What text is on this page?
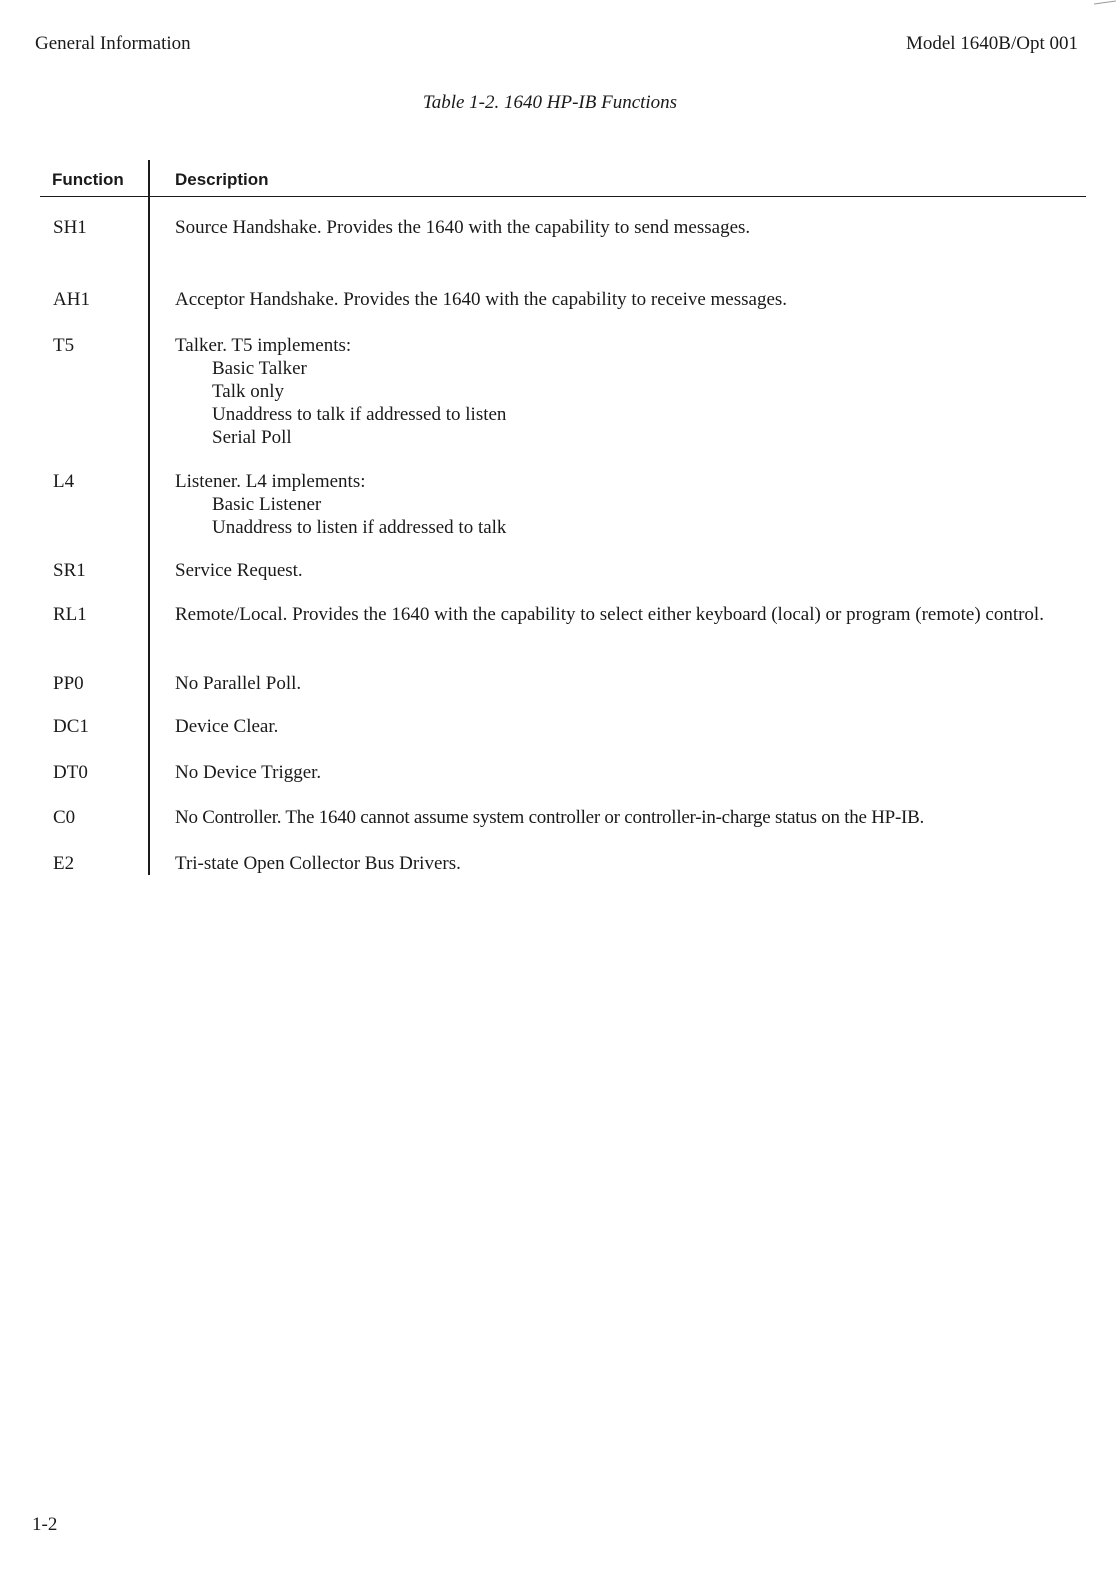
General Information	Model 1640B/Opt 001
Table 1-2. 1640 HP-IB Functions
Function	Description
SH1	Source Handshake. Provides the 1640 with the capability to send messages.
AH1	Acceptor Handshake. Provides the 1640 with the capability to receive messages.
T5	Talker. T5 implements:
Basic Talker
Talk only
Unaddress to talk if addressed to listen
Serial Poll
L4	Listener. L4 implements:
Basic Listener
Unaddress to listen if addressed to talk
SR1	Service Request.
RL1	Remote/Local. Provides the 1640 with the capability to select either keyboard (local) or program (remote) control.
PP0	No Parallel Poll.
DC1	Device Clear.
DT0	No Device Trigger.
C0	No Controller. The 1640 cannot assume system controller or controller-in-charge status on the HP-IB.
E2	Tri-state Open Collector Bus Drivers.
1-2
